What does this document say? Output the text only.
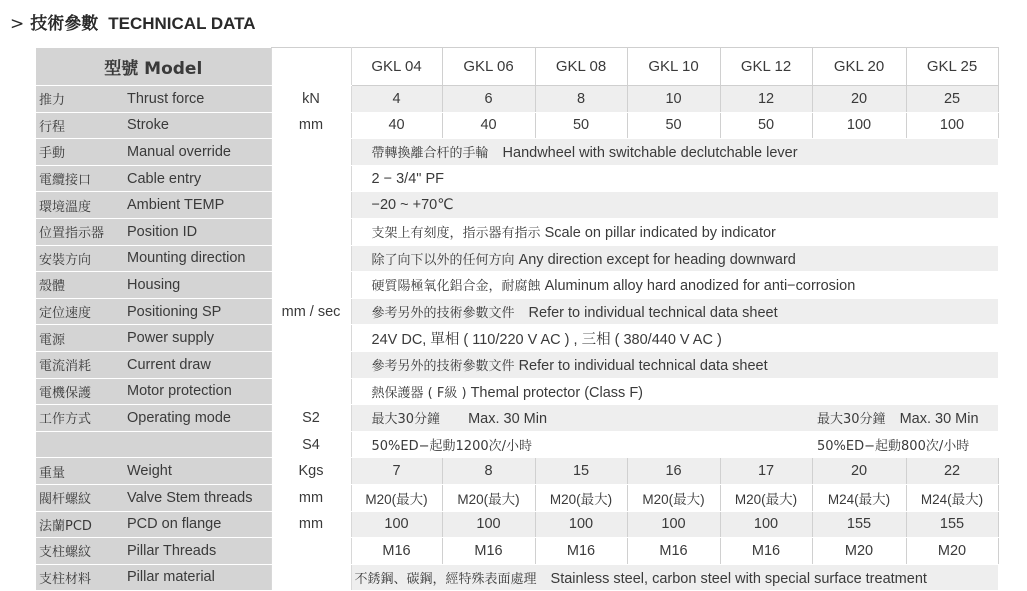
> 技術參數 TECHNICAL DATA
型號 Model			GKL 04	GKL 06	GKL 08	GKL 10	GKL 12	GKL 20	GKL 25
推力	Thrust force	kN	4	6	8	10	12	20	25
行程	Stroke	mm	40	40	50	50	50	100	100
手動	Manual override		帶轉換離合杆的手輪 Handwheel with switchable declutchable lever						
電纜接口	Cable entry		2 − 3/4" PF						
環境溫度	Ambient TEMP		−20 ~ +70℃						
位置指示器	Position ID		支架上有刻度，指示器有指示 Scale on pillar indicated by indicator						
安裝方向	Mounting direction		除了向下以外的任何方向 Any direction except for heading downward						
殼體	Housing		硬質陽極氧化鋁合金，耐腐蝕 Aluminum alloy hard anodized for anti−corrosion						
定位速度	Positioning SP	mm / sec	參考另外的技術參數文件 Refer to individual technical data sheet						
電源	Power supply		24V DC, 單相 ( 110/220 V AC ) , 三相 ( 380/440 V AC )						
電流消耗	Current draw		參考另外的技術參數文件 Refer to individual technical data sheet						
電機保護	Motor protection		熱保護器 ( F級 ) Themal protector (Class F)						
工作方式	Operating mode	S2	最大30分鐘 Max. 30 Min					最大30分鐘 Max. 30 Min	
		S4	50%ED−起動1200次/小時					50%ED−起動800次/小時	
重量	Weight	Kgs	7	8	15	16	17	20	22
閥杆螺紋	Valve Stem threads	mm	M20(最大)	M20(最大)	M20(最大)	M20(最大)	M20(最大)	M24(最大)	M24(最大)
法蘭PCD	PCD on flange	mm	100	100	100	100	100	155	155
支柱螺紋	Pillar Threads		M16	M16	M16	M16	M16	M20	M20
支柱材料	Pillar material		不銹鋼、碳鋼，經特殊表面處理 Stainless steel, carbon steel with special surface treatment						
